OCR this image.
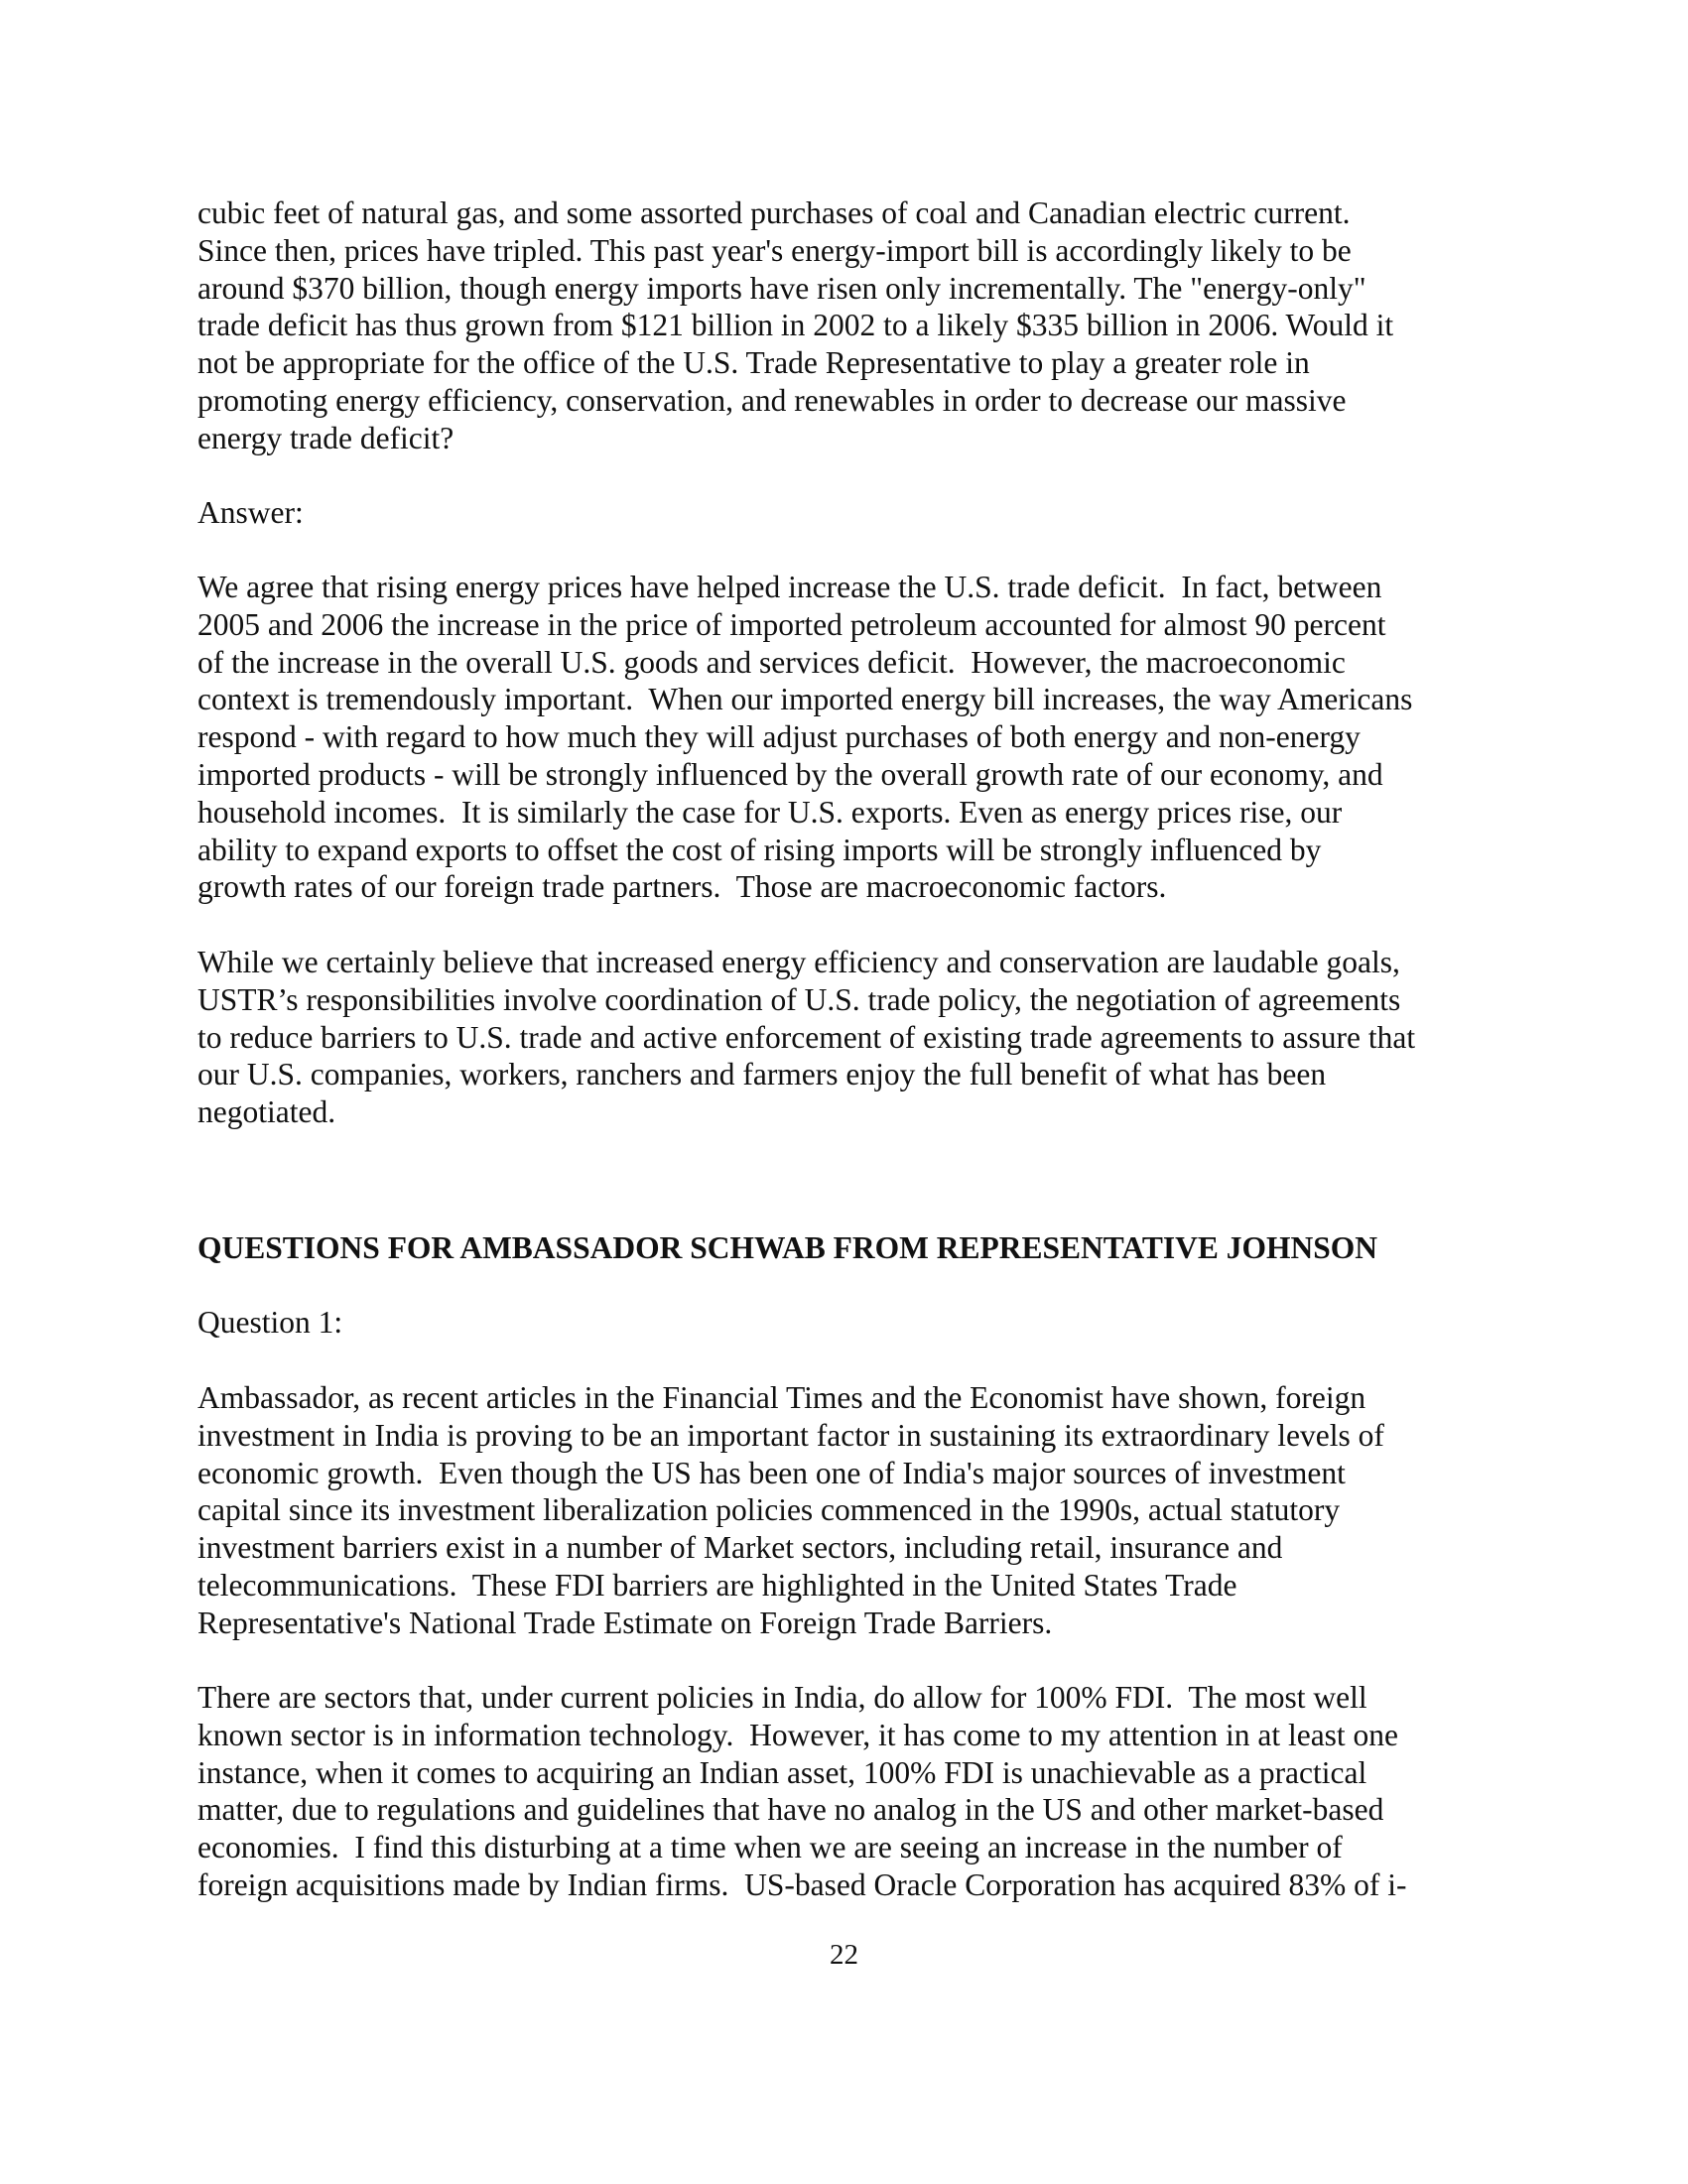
cubic feet of natural gas, and some assorted purchases of coal and Canadian electric current.
Since then, prices have tripled. This past year's energy-import bill is accordingly likely to be
around $370 billion, though energy imports have risen only incrementally. The "energy-only"
trade deficit has thus grown from $121 billion in 2002 to a likely $335 billion in 2006. Would it
not be appropriate for the office of the U.S. Trade Representative to play a greater role in
promoting energy efficiency, conservation, and renewables in order to decrease our massive
energy trade deficit?
Answer:
We agree that rising energy prices have helped increase the U.S. trade deficit.  In fact, between
2005 and 2006 the increase in the price of imported petroleum accounted for almost 90 percent
of the increase in the overall U.S. goods and services deficit.  However, the macroeconomic
context is tremendously important.  When our imported energy bill increases, the way Americans
respond - with regard to how much they will adjust purchases of both energy and non-energy
imported products - will be strongly influenced by the overall growth rate of our economy, and
household incomes.  It is similarly the case for U.S. exports. Even as energy prices rise, our
ability to expand exports to offset the cost of rising imports will be strongly influenced by
growth rates of our foreign trade partners.  Those are macroeconomic factors.
While we certainly believe that increased energy efficiency and conservation are laudable goals,
USTR’s responsibilities involve coordination of U.S. trade policy, the negotiation of agreements
to reduce barriers to U.S. trade and active enforcement of existing trade agreements to assure that
our U.S. companies, workers, ranchers and farmers enjoy the full benefit of what has been
negotiated.
QUESTIONS FOR AMBASSADOR SCHWAB FROM REPRESENTATIVE JOHNSON
Question 1:
Ambassador, as recent articles in the Financial Times and the Economist have shown, foreign
investment in India is proving to be an important factor in sustaining its extraordinary levels of
economic growth.  Even though the US has been one of India's major sources of investment
capital since its investment liberalization policies commenced in the 1990s, actual statutory
investment barriers exist in a number of Market sectors, including retail, insurance and
telecommunications.  These FDI barriers are highlighted in the United States Trade
Representative's National Trade Estimate on Foreign Trade Barriers.
There are sectors that, under current policies in India, do allow for 100% FDI.  The most well
known sector is in information technology.  However, it has come to my attention in at least one
instance, when it comes to acquiring an Indian asset, 100% FDI is unachievable as a practical
matter, due to regulations and guidelines that have no analog in the US and other market-based
economies.  I find this disturbing at a time when we are seeing an increase in the number of
foreign acquisitions made by Indian firms.  US-based Oracle Corporation has acquired 83% of i-
22
